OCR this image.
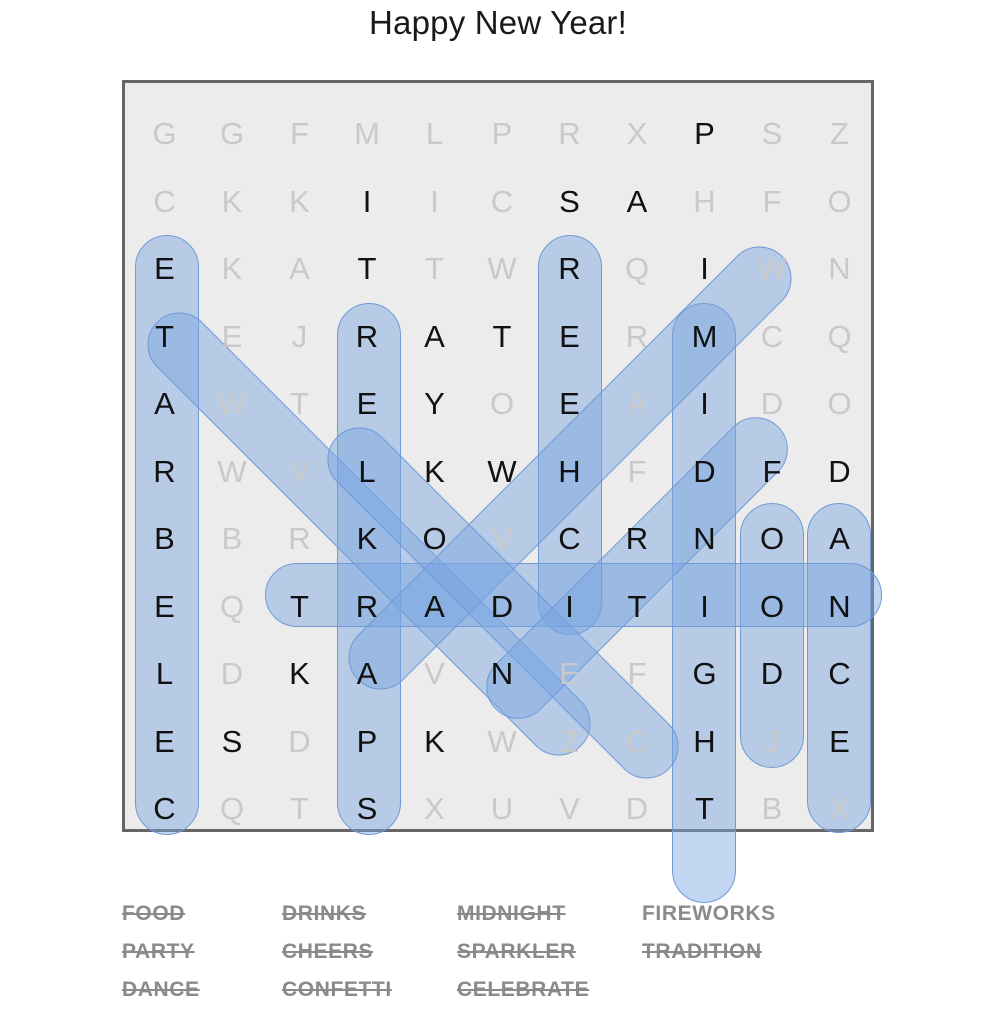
Happy New Year!
G	G	F	M	L	P	R	X	P	S	Z
C	K	K	I	I	C	S	A	H	F	O
E	K	A	T	T	W	R	Q	I	W	N
T	E	J	R	A	T	E	R	M	C	Q
A	W	T	E	Y	O	E	A	I	D	O
R	W	V	L	K	W	H	F	D	F	D
B	B	R	K	O	V	C	R	N	O	A
E	Q	T	R	A	D	I	T	I	O	N
L	D	K	A	V	N	E	F	G	D	C
E	S	D	P	K	W	Z	C	H	J	E
C	Q	T	S	X	U	V	D	T	B	X
FOOD
PARTY
DANCE
DRINKS
CHEERS
CONFETTI
MIDNIGHT
SPARKLER
CELEBRATE
FIREWORKS
TRADITION
